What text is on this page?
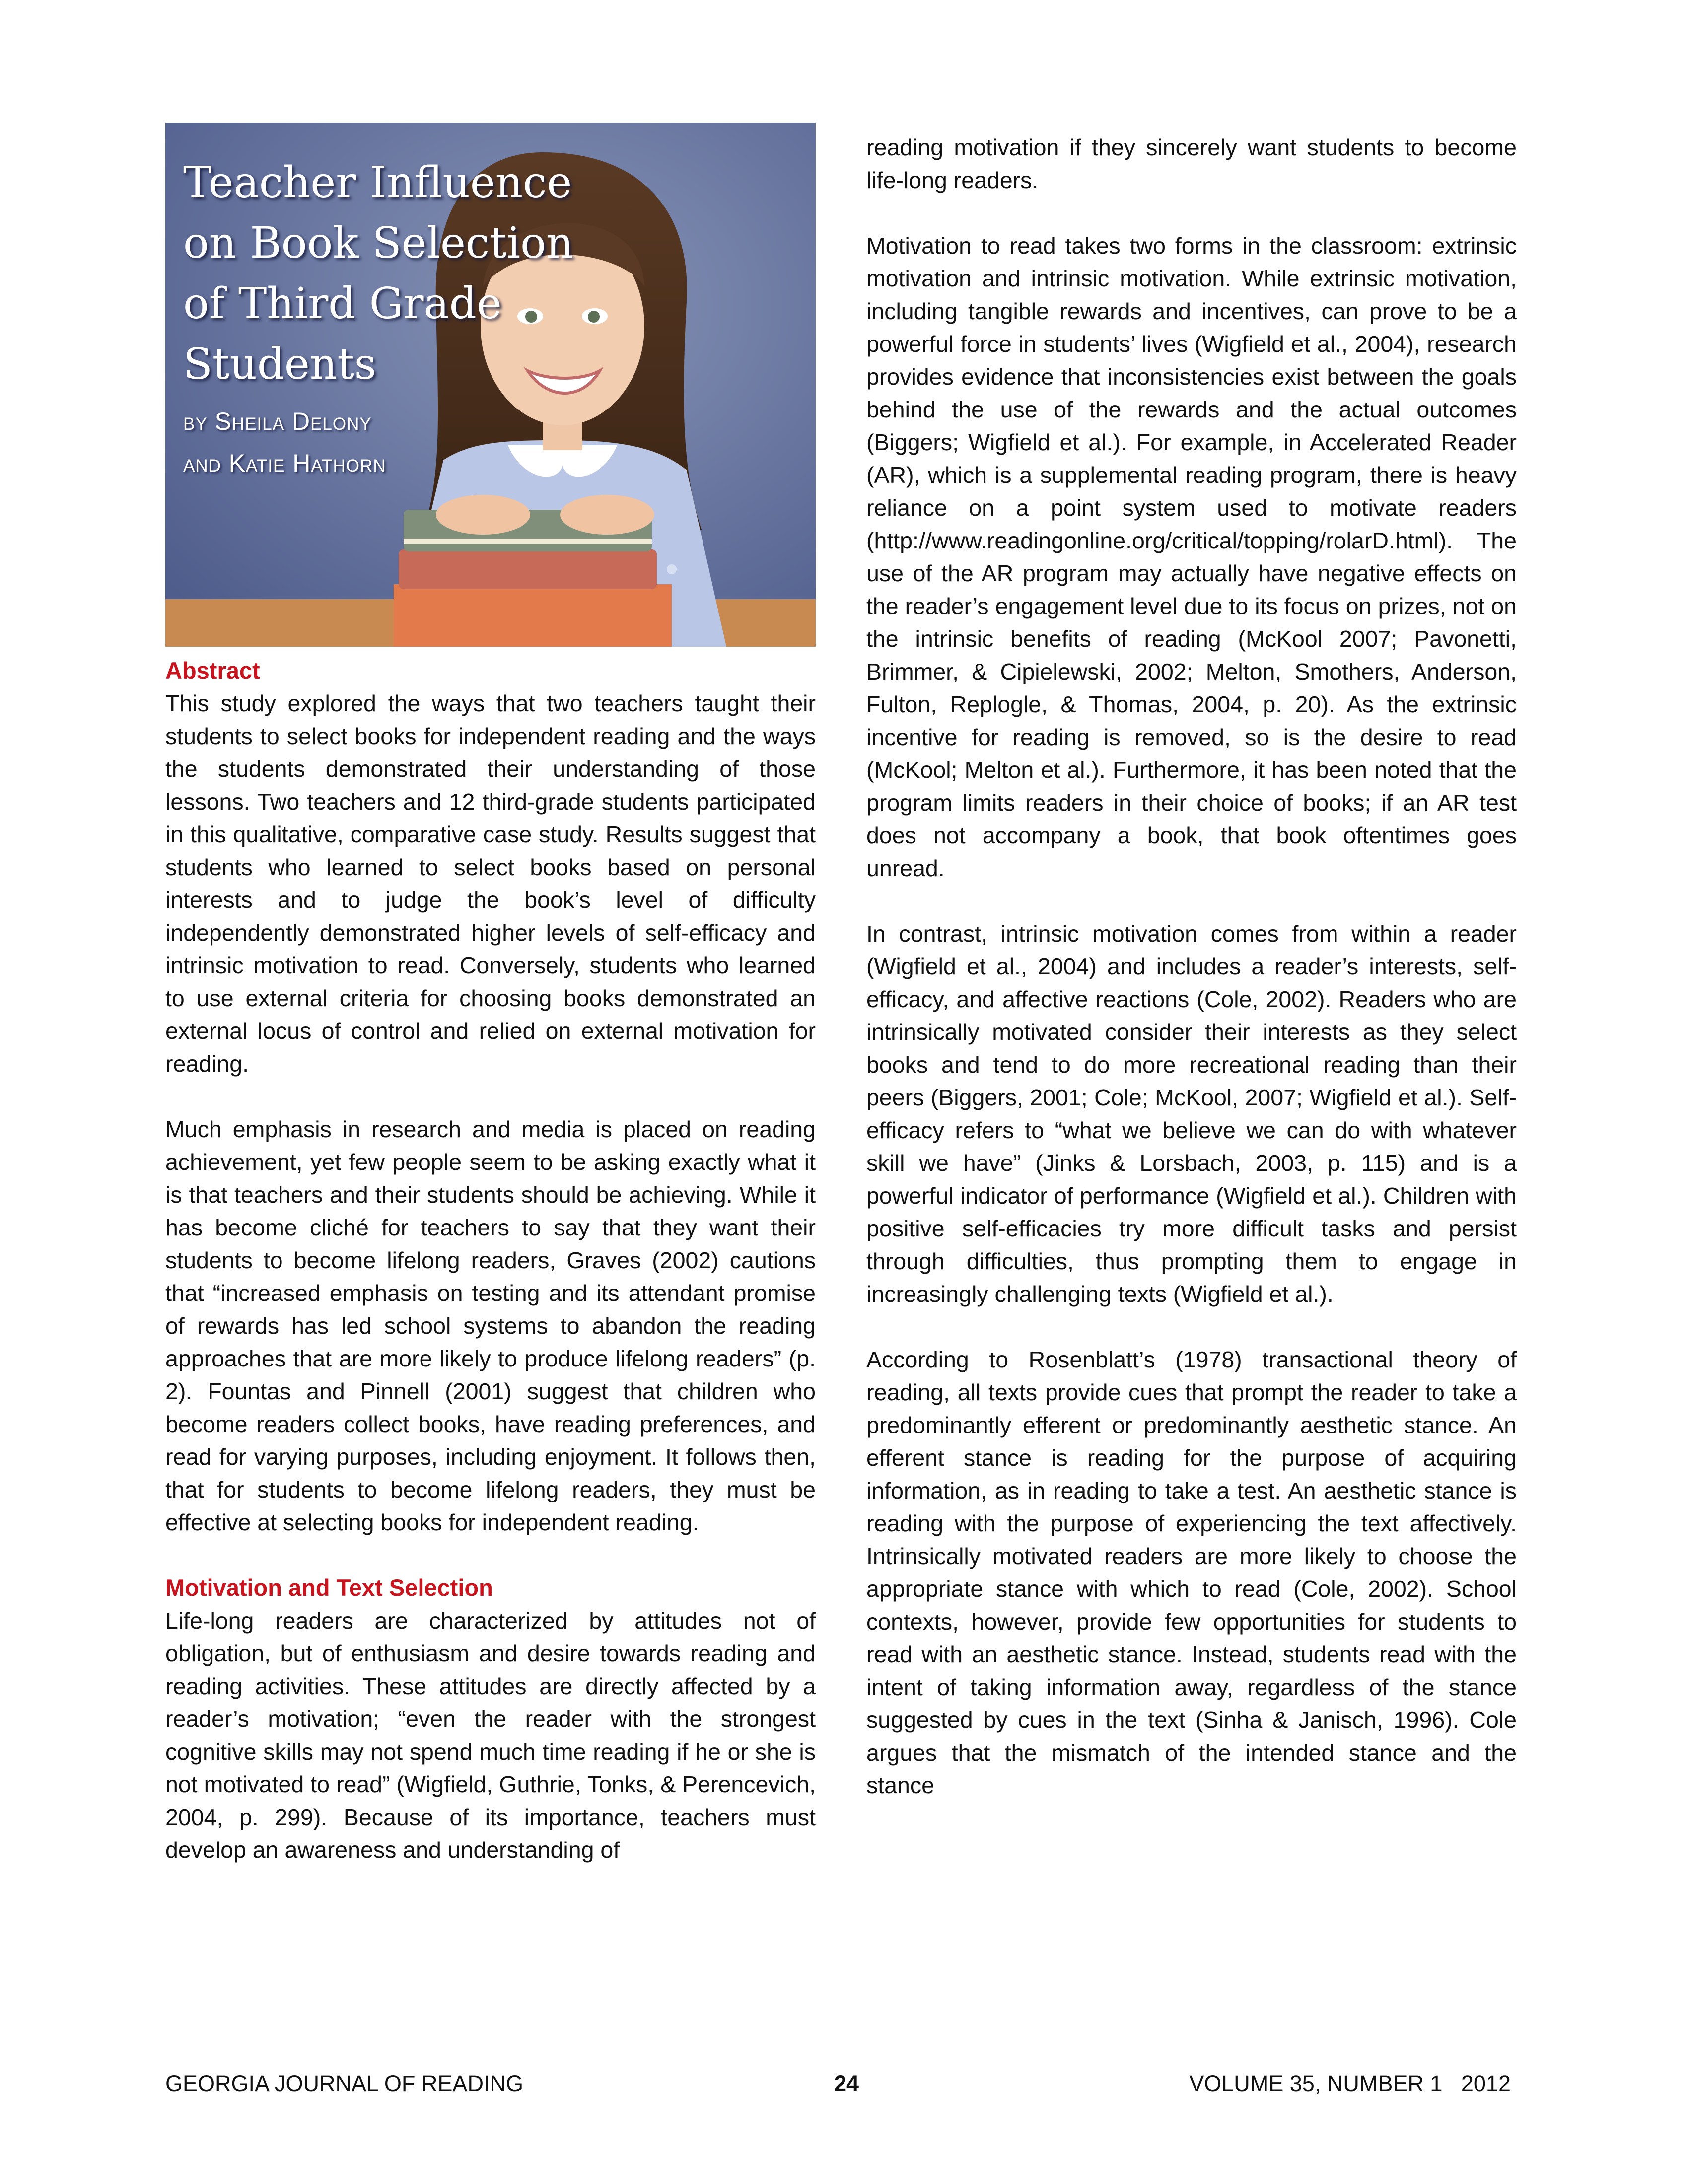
Teacher Influence
on Book Selection
of Third Grade
Students
by Sheila Delony
and Katie Hathorn

Abstract

This study explored the ways that two teachers taught their students to select books for independent reading and the ways the students demonstrated their understanding of those lessons. Two teachers and 12 third-grade students participated in this qualitative, comparative case study. Results suggest that students who learned to select books based on personal interests and to judge the book’s level of difficulty independently demonstrated higher levels of self-efficacy and intrinsic motivation to read. Conversely, students who learned to use external criteria for choosing books demonstrated an external locus of control and relied on external motivation for reading.

Much emphasis in research and media is placed on reading achievement, yet few people seem to be asking exactly what it is that teachers and their students should be achieving. While it has become cliché for teachers to say that they want their students to become lifelong readers, Graves (2002) cautions that “increased emphasis on testing and its attendant promise of rewards has led school systems to abandon the reading approaches that are more likely to produce lifelong readers” (p. 2). Fountas and Pinnell (2001) suggest that children who become readers collect books, have reading preferences, and read for varying purposes, including enjoyment. It follows then, that for students to become lifelong readers, they must be effective at selecting books for independent reading.

Motivation and Text Selection

Life-long readers are characterized by attitudes not of obligation, but of enthusiasm and desire towards reading and reading activities. These attitudes are directly affected by a reader’s motivation; “even the reader with the strongest cognitive skills may not spend much time reading if he or she is not motivated to read” (Wigfield, Guthrie, Tonks, & Perencevich, 2004, p. 299). Because of its importance, teachers must develop an awareness and understanding of

reading motivation if they sincerely want students to become life-long readers.

Motivation to read takes two forms in the classroom: extrinsic motivation and intrinsic motivation. While extrinsic motivation, including tangible rewards and incentives, can prove to be a powerful force in students’ lives (Wigfield et al., 2004), research provides evidence that inconsistencies exist between the goals behind the use of the rewards and the actual outcomes (Biggers; Wigfield et al.). For example, in Accelerated Reader (AR), which is a supplemental reading program, there is heavy reliance on a point system used to motivate readers (http://www.readingonline.org/critical/topping/rolarD.html). The use of the AR program may actually have negative effects on the reader’s engagement level due to its focus on prizes, not on the intrinsic benefits of reading (McKool 2007; Pavonetti, Brimmer, & Cipielewski, 2002; Melton, Smothers, Anderson, Fulton, Replogle, & Thomas, 2004, p. 20). As the extrinsic incentive for reading is removed, so is the desire to read (McKool; Melton et al.). Furthermore, it has been noted that the program limits readers in their choice of books; if an AR test does not accompany a book, that book oftentimes goes unread.

In contrast, intrinsic motivation comes from within a reader (Wigfield et al., 2004) and includes a reader’s interests, self-efficacy, and affective reactions (Cole, 2002). Readers who are intrinsically motivated consider their interests as they select books and tend to do more recreational reading than their peers (Biggers, 2001; Cole; McKool, 2007; Wigfield et al.). Self-efficacy refers to “what we believe we can do with whatever skill we have” (Jinks & Lorsbach, 2003, p. 115) and is a powerful indicator of performance (Wigfield et al.). Children with positive self-efficacies try more difficult tasks and persist through difficulties, thus prompting them to engage in increasingly challenging texts (Wigfield et al.).

According to Rosenblatt’s (1978) transactional theory of reading, all texts provide cues that prompt the reader to take a predominantly efferent or predominantly aesthetic stance. An efferent stance is reading for the purpose of acquiring information, as in reading to take a test. An aesthetic stance is reading with the purpose of experiencing the text affectively. Intrinsically motivated readers are more likely to choose the appropriate stance with which to read (Cole, 2002). School contexts, however, provide few opportunities for students to read with an aesthetic stance. Instead, students read with the intent of taking information away, regardless of the stance suggested by cues in the text (Sinha & Janisch, 1996). Cole argues that the mismatch of the intended stance and the stance

GEORGIA JOURNAL OF READING	24	VOLUME 35, NUMBER 1   2012
